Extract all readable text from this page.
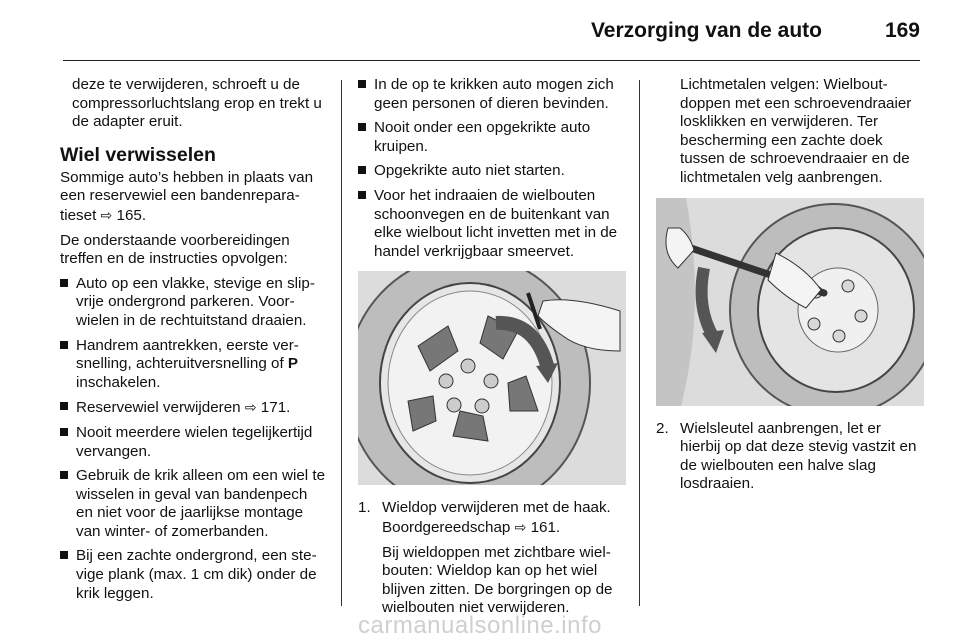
Verzorging van de auto	169

deze te verwijderen, schroeft u de compressorluchtslang erop en trekt u de adapter eruit.

Wiel verwisselen

Sommige auto’s hebben in plaats van een reservewiel een bandenreparatieset ⇨ 165.

De onderstaande voorbereidingen treffen en de instructies opvolgen:

Auto op een vlakke, stevige en slipvrije ondergrond parkeren. Voorwielen in de rechtuitstand draaien.
Handrem aantrekken, eerste versnelling, achteruitversnelling of P inschakelen.
Reservewiel verwijderen ⇨ 171.
Nooit meerdere wielen tegelijkertijd vervangen.
Gebruik de krik alleen om een wiel te wisselen in geval van bandenpech en niet voor de jaarlijkse montage van winter- of zomerbanden.
Bij een zachte ondergrond, een stevige plank (max. 1 cm dik) onder de krik leggen.
In de op te krikken auto mogen zich geen personen of dieren bevinden.
Nooit onder een opgekrikte auto kruipen.
Opgekrikte auto niet starten.
Voor het indraaien de wielbouten schoonvegen en de buitenkant van elke wielbout licht invetten met in de handel verkrijgbaar smeervet.
1. Wieldop verwijderen met de haak. Boordgereedschap ⇨ 161.

Bij wieldoppen met zichtbare wielbouten: Wieldop kan op het wiel blijven zitten. De borgringen op de wielbouten niet verwijderen.

Lichtmetalen velgen: Wielboutdoppen met een schroevendraaier losklikken en verwijderen. Ter bescherming een zachte doek tussen de schroevendraaier en de lichtmetalen velg aanbrengen.

2. Wielsleutel aanbrengen, let er hierbij op dat deze stevig vastzit en de wielbouten een halve slag losdraaien.
carmanualsonline.info
